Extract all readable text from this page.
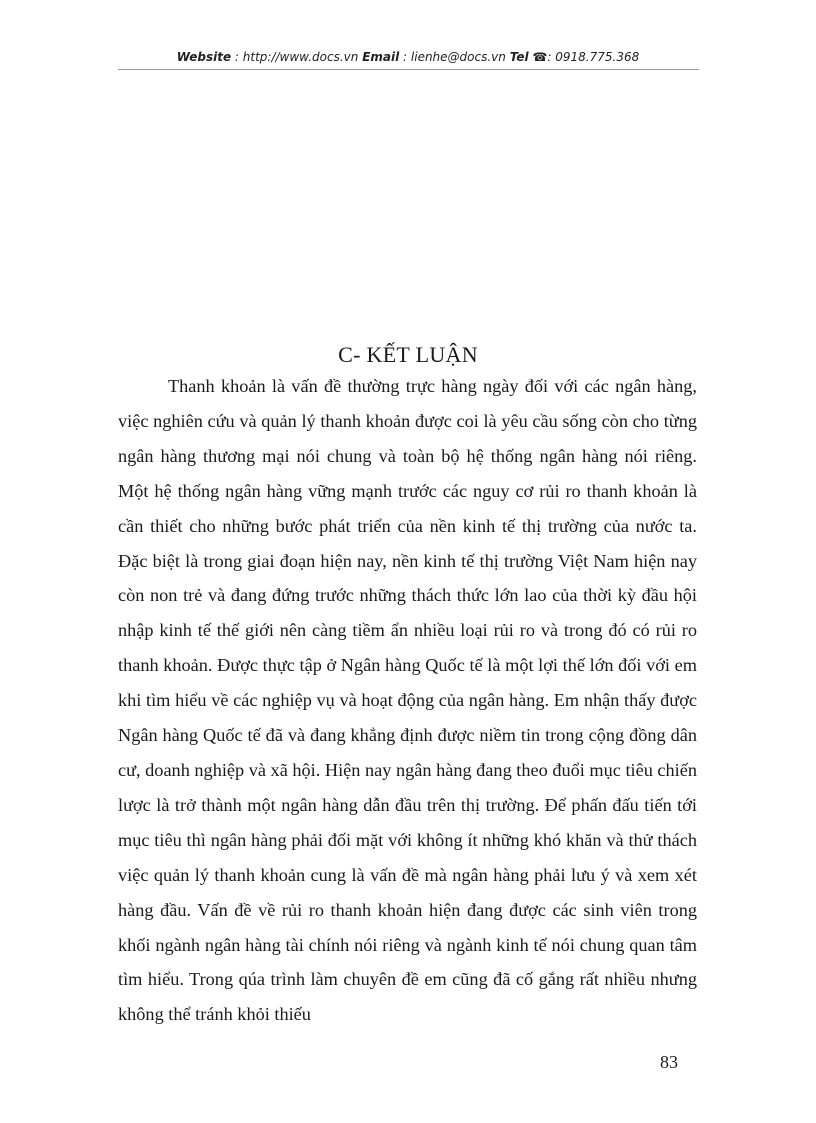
Website : http://www.docs.vn Email : lienhe@docs.vn Tel ☎: 0918.775.368
C- KẾT LUẬN

Thanh khoản là vấn đề thường trực hàng ngày đối với các ngân hàng, việc nghiên cứu và quản lý thanh khoản được coi là yêu cầu sống còn cho từng ngân hàng thương mại nói chung và toàn bộ hệ thống ngân hàng nói riêng. Một hệ thống ngân hàng vững mạnh trước các nguy cơ rủi ro thanh khoản là cần thiết cho những bước phát triển của nền kinh tế thị trường của nước ta. Đặc biệt là trong giai đoạn hiện nay, nền kinh tế thị trường Việt Nam hiện nay còn non trẻ và đang đứng trước những thách thức lớn lao của thời kỳ đầu hội nhập kinh tế thế giới nên càng tiềm ẩn nhiều loại rủi ro và trong đó có rủi ro thanh khoản. Được thực tập ở Ngân hàng Quốc tế là một lợi thế lớn đối với em khi tìm hiểu về các nghiệp vụ và hoạt động của ngân hàng. Em nhận thấy được Ngân hàng Quốc tế đã và đang khẳng định được niềm tin trong cộng đồng dân cư, doanh nghiệp và xã hội. Hiện nay ngân hàng đang theo đuổi mục tiêu chiến lược là trở thành một ngân hàng dẫn đầu trên thị trường. Để phấn đấu tiến tới mục tiêu thì ngân hàng phải đối mặt với không ít những khó khăn và thử thách việc quản lý thanh khoản cung là vấn đề mà ngân hàng phải lưu ý và xem xét hàng đầu. Vấn đề về rủi ro thanh khoản hiện đang được các sinh viên trong khối ngành ngân hàng tài chính nói riêng và ngành kinh tế nói chung quan tâm tìm hiểu. Trong qúa trình làm chuyên đề em cũng đã cố gắng rất nhiều nhưng không thể tránh khỏi thiếu

83
